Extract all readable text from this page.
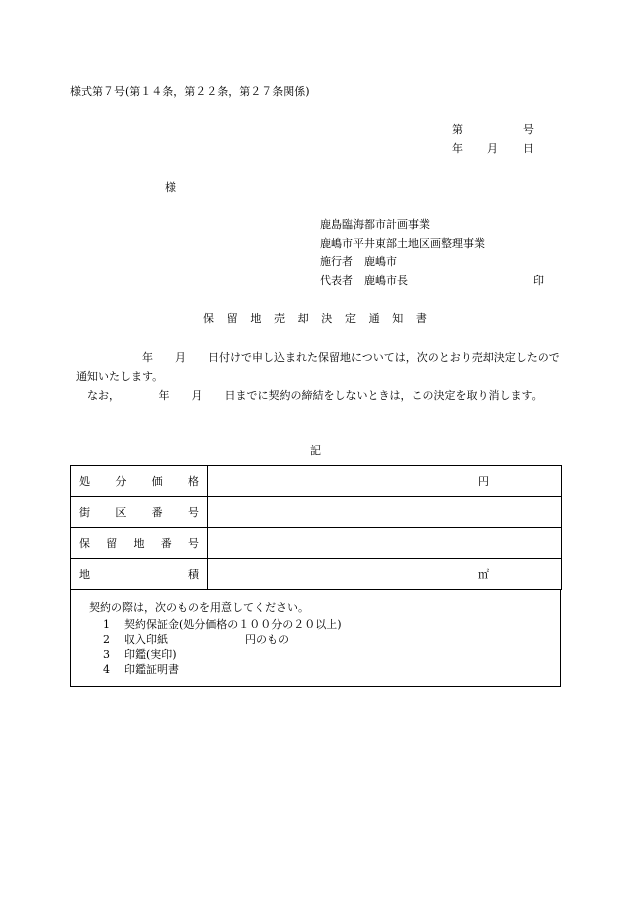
様式第７号(第１４条，第２２条，第２７条関係)
第	号
年 月 日
様
鹿島臨海都市計画事業
鹿嶋市平井東部土地区画整理事業
施行者　鹿嶋市
代表者　鹿嶋市長	印
保 留 地 売 却 決 定 通 知 書
　　　　　　年　　月　　日付けで申し込まれた保留地については，次のとおり売却決定したので通知いたします。
　なお，　　　　年　　月　　日までに契約の締結をしないときは，この決定を取り消します。
記
処 分 価 格	円

街 区 番 号	

保 留 地 番 号	

地 積	㎡
契約の際は，次のものを用意してください。
1 契約保証金(処分価格の１００分の２０以上)
2 収入印紙　　　　　　　円のもの
3 印鑑(実印)
4 印鑑証明書
